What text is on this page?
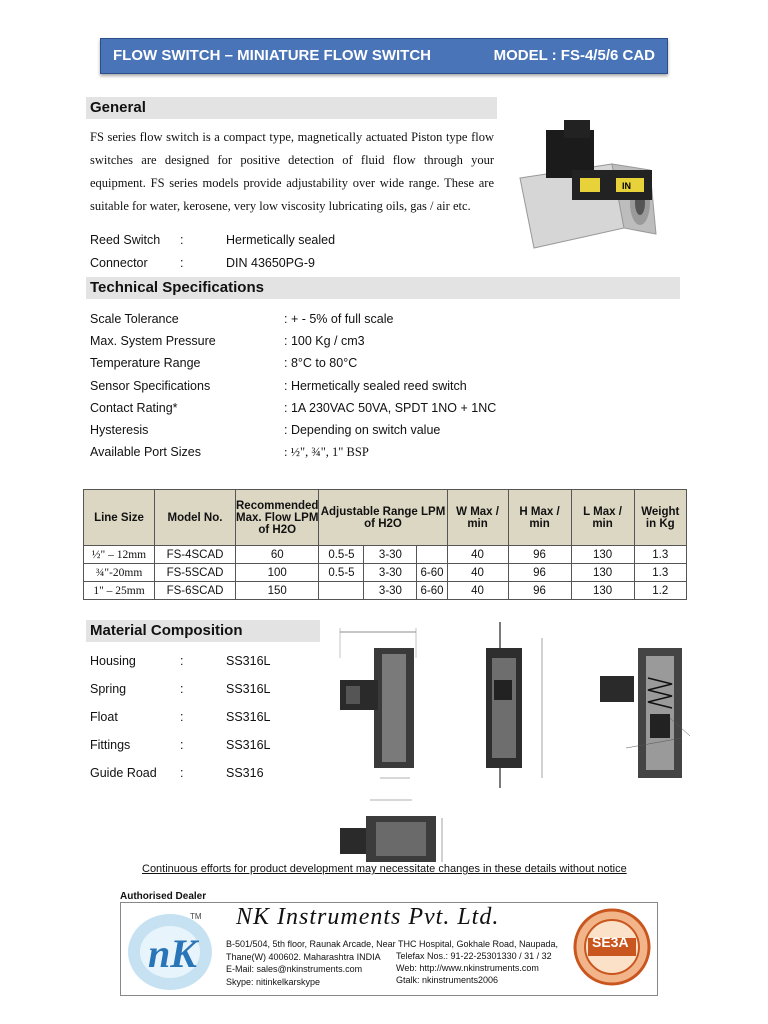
FLOW SWITCH – MINIATURE FLOW SWITCH	MODEL : FS-4/5/6 CAD
General
FS series flow switch is a compact type, magnetically actuated Piston type flow switches are designed for positive detection of fluid flow through your equipment. FS series models provide adjustability over wide range. These are suitable for water, kerosene, very low viscosity lubricating oils, gas / air etc.
IN
Reed Switch :	Hermetically sealed
Connector	:	DIN 43650PG-9
Technical Specifications
Scale Tolerance	: + - 5% of full scale
Max. System Pressure	: 100 Kg / cm3
Temperature Range	: 8°C to 80°C
Sensor Specifications	: Hermetically sealed reed switch
Contact Rating*	: 1A 230VAC 50VA, SPDT 1NO + 1NC
Hysteresis	: Depending on switch value
Available Port Sizes	: ½", ¾", 1" BSP
Line Size	Model No.	Recommended Max. Flow LPM of H2O	Adjustable Range LPM of H2O			W Max / min	H Max / min	L Max / min	Weight in Kg
½" – 12mm	FS-4SCAD	60	0.5-5	3-30		40	96	130	1.3
¾"-20mm	FS-5SCAD	100	0.5-5	3-30	6-60	40	96	130	1.3
1" – 25mm	FS-6SCAD	150		3-30	6-60	40	96	130	1.2
Material Composition
Housing	:	SS316L
Spring	:	SS316L
Float	:	SS316L
Fittings	:	SS316L
Guide Road :	SS316
Continuous efforts for product development may necessitate changes in these details without notice
Authorised Dealer
nK
TM NK Instruments Pvt. Ltd.
B-501/504, 5th floor, Raunak Arcade, Near THC Hospital, Gokhale Road, Naupada,
Thane(W) 400602. Maharashtra INDIA Telefax Nos.: 91-22-25301330 / 31 / 32
E-Mail: sales@nkinstruments.com	Web: http://www.nkinstruments.com
Skype: nitinkelkarskype	Gtalk: nkinstruments2006
SE3A
